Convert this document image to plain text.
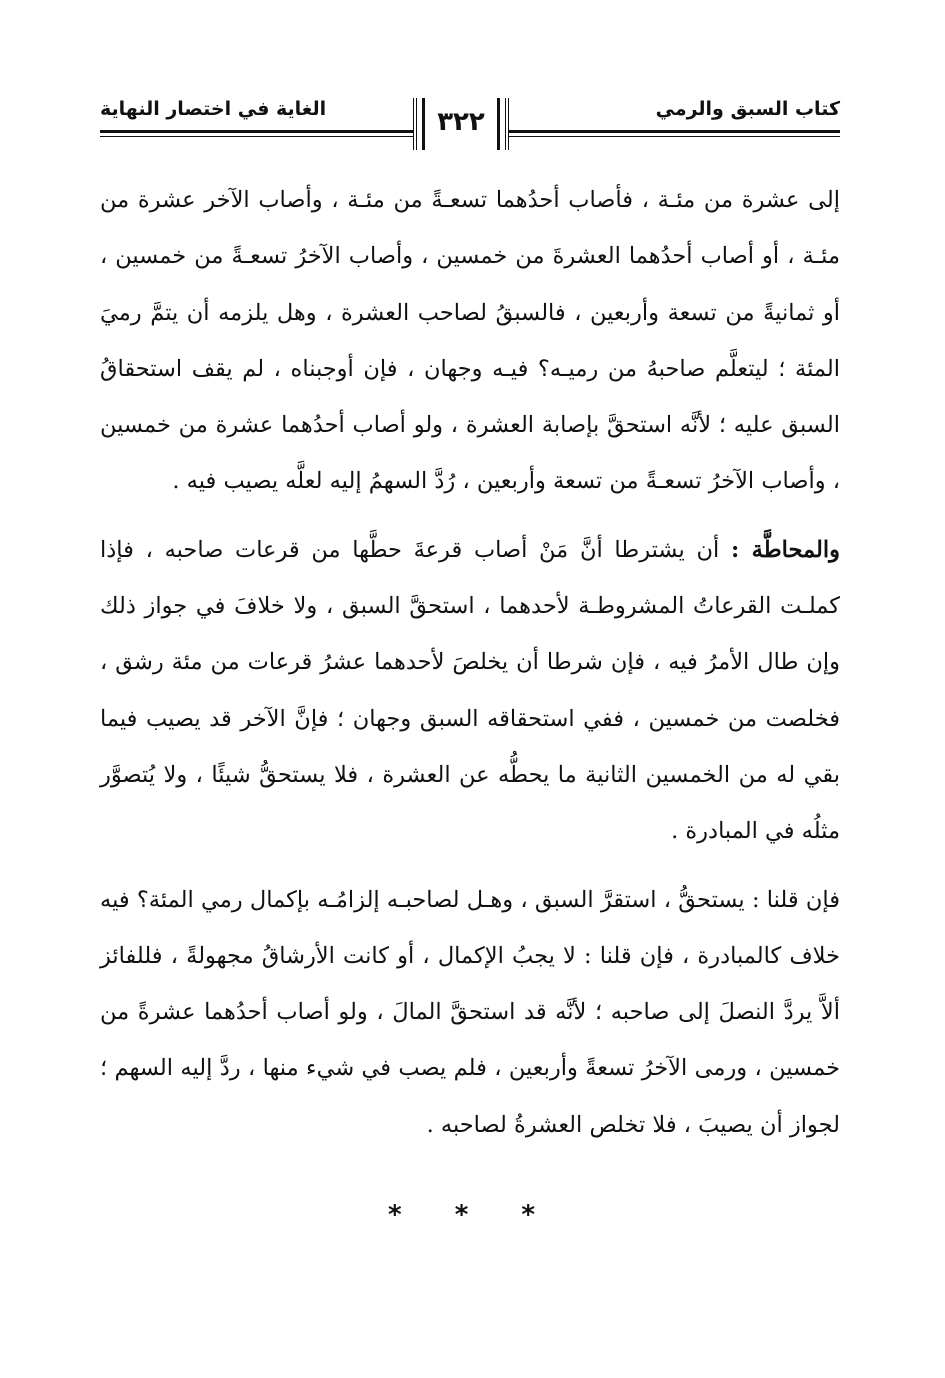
كتاب السبق والرمي
الغاية في اختصار النهاية	٣٢٢

إلى عشرة من مئـة ، فأصاب أحدُهما تسعـةً من مئـة ، وأصاب الآخر عشرة من مئـة ، أو أصاب أحدُهما العشرةَ من خمسين ، وأصاب الآخرُ تسعـةً من خمسين ، أو ثمانيةً من تسعة وأربعين ، فالسبقُ لصاحب العشرة ، وهل يلزمه أن يتمَّ رميَ المئة ؛ ليتعلَّم صاحبهُ من رميـه؟ فيـه وجهان ، فإن أوجبناه ، لم يقف استحقاقُ السبق عليه ؛ لأنَّه استحقَّ بإصابة العشرة ، ولو أصاب أحدُهما عشرة من خمسين ، وأصاب الآخرُ تسعـةً من تسعة وأربعين ، رُدَّ السهمُ إليه لعلَّه يصيب فيه .

والمحاطَّة : أن يشترطا أنَّ مَنْ أصاب قرعةَ حطَّها من قرعات صاحبه ، فإذا كملـت القرعاتُ المشروطـة لأحدهما ، استحقَّ السبق ، ولا خلافَ في جواز ذلك وإن طال الأمرُ فيه ، فإن شرطا أن يخلصَ لأحدهما عشرُ قرعات من مئة رشق ، فخلصت من خمسين ، ففي استحقاقه السبق وجهان ؛ فإنَّ الآخر قد يصيب فيما بقي له من الخمسين الثانية ما يحطُّه عن العشرة ، فلا يستحقُّ شيئًا ، ولا يُتصوَّر مثلُه في المبادرة .

فإن قلنا : يستحقُّ ، استقرَّ السبق ، وهـل لصاحبـه إلزامُـه بإكمال رمي المئة؟ فيه خلاف كالمبادرة ، فإن قلنا : لا يجبُ الإكمال ، أو كانت الأرشاقُ مجهولةً ، فللفائز ألاَّ يردَّ النصلَ إلى صاحبه ؛ لأنَّه قد استحقَّ المالَ ، ولو أصاب أحدُهما عشرةً من خمسين ، ورمى الآخرُ تسعةً وأربعين ، فلم يصب في شيء منها ، ردَّ إليه السهم ؛ لجواز أن يصيبَ ، فلا تخلص العشرةُ لصاحبه .

* * *
